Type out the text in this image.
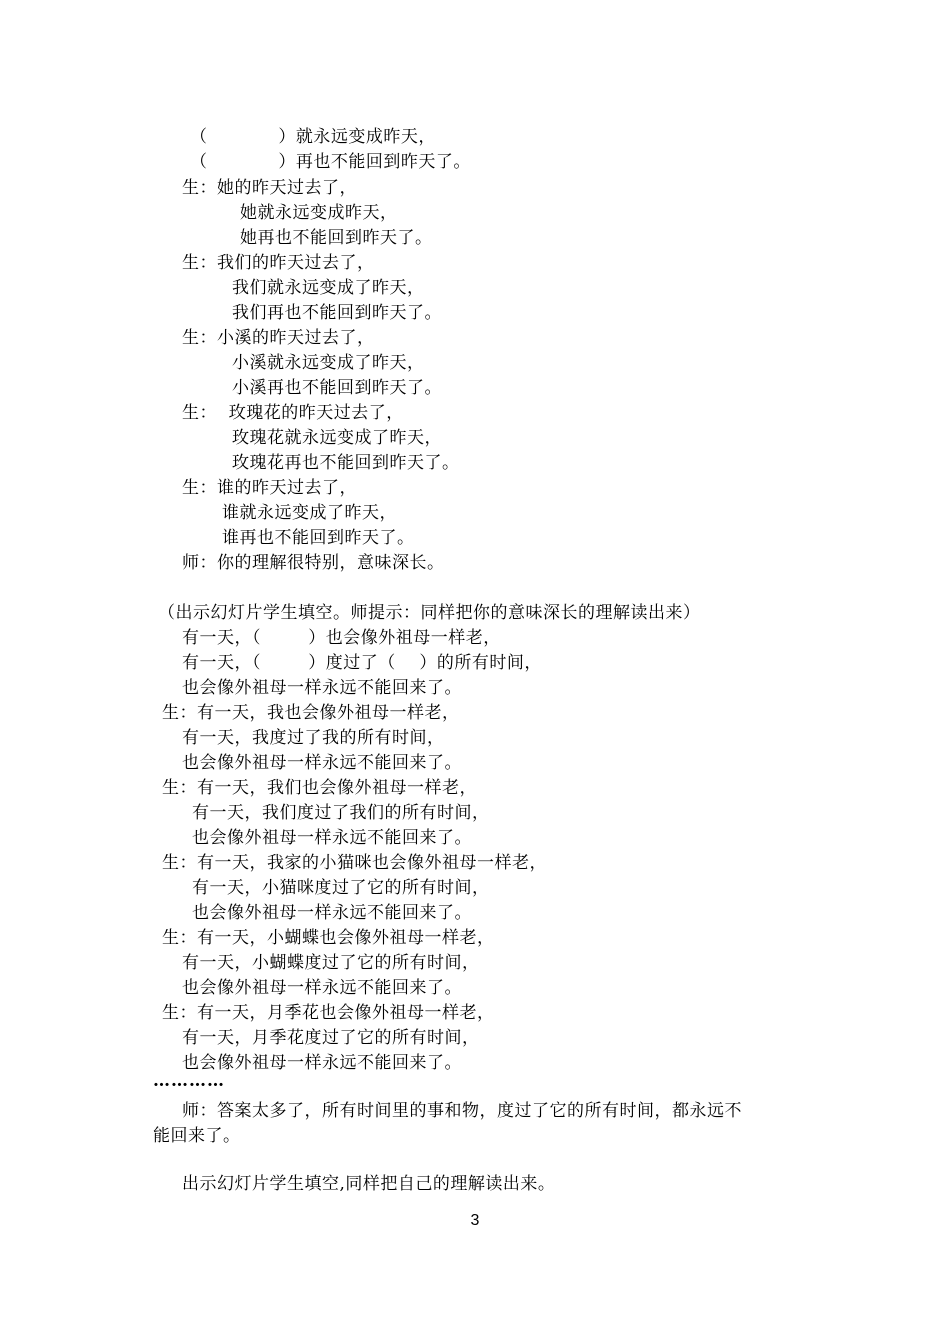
（            ）就永远变成昨天，
（            ）再也不能回到昨天了。
生：她的昨天过去了，
她就永远变成昨天，
她再也不能回到昨天了。
生：我们的昨天过去了，
我们就永远变成了昨天，
我们再也不能回到昨天了。
生：小溪的昨天过去了，
小溪就永远变成了昨天，
小溪再也不能回到昨天了。
生：  玫瑰花的昨天过去了，
玫瑰花就永远变成了昨天，
玫瑰花再也不能回到昨天了。
生：谁的昨天过去了，
谁就永远变成了昨天，
谁再也不能回到昨天了。
师：你的理解很特别，意味深长。
（出示幻灯片学生填空。师提示：同样把你的意味深长的理解读出来）
有一天，（        ）也会像外祖母一样老，
有一天，（        ）度过了（    ）的所有时间，
也会像外祖母一样永远不能回来了。
生：有一天，我也会像外祖母一样老，
有一天，我度过了我的所有时间，
也会像外祖母一样永远不能回来了。
生：有一天，我们也会像外祖母一样老，
有一天，我们度过了我们的所有时间，
也会像外祖母一样永远不能回来了。
生：有一天，我家的小猫咪也会像外祖母一样老，
有一天，小猫咪度过了它的所有时间，
也会像外祖母一样永远不能回来了。
生：有一天，小蝴蝶也会像外祖母一样老，
有一天，小蝴蝶度过了它的所有时间，
也会像外祖母一样永远不能回来了。
生：有一天，月季花也会像外祖母一样老，
有一天，月季花度过了它的所有时间，
也会像外祖母一样永远不能回来了。
…………
师：答案太多了，所有时间里的事和物，度过了它的所有时间，都永远不
能回来了。
出示幻灯片学生填空,同样把自己的理解读出来。
3
